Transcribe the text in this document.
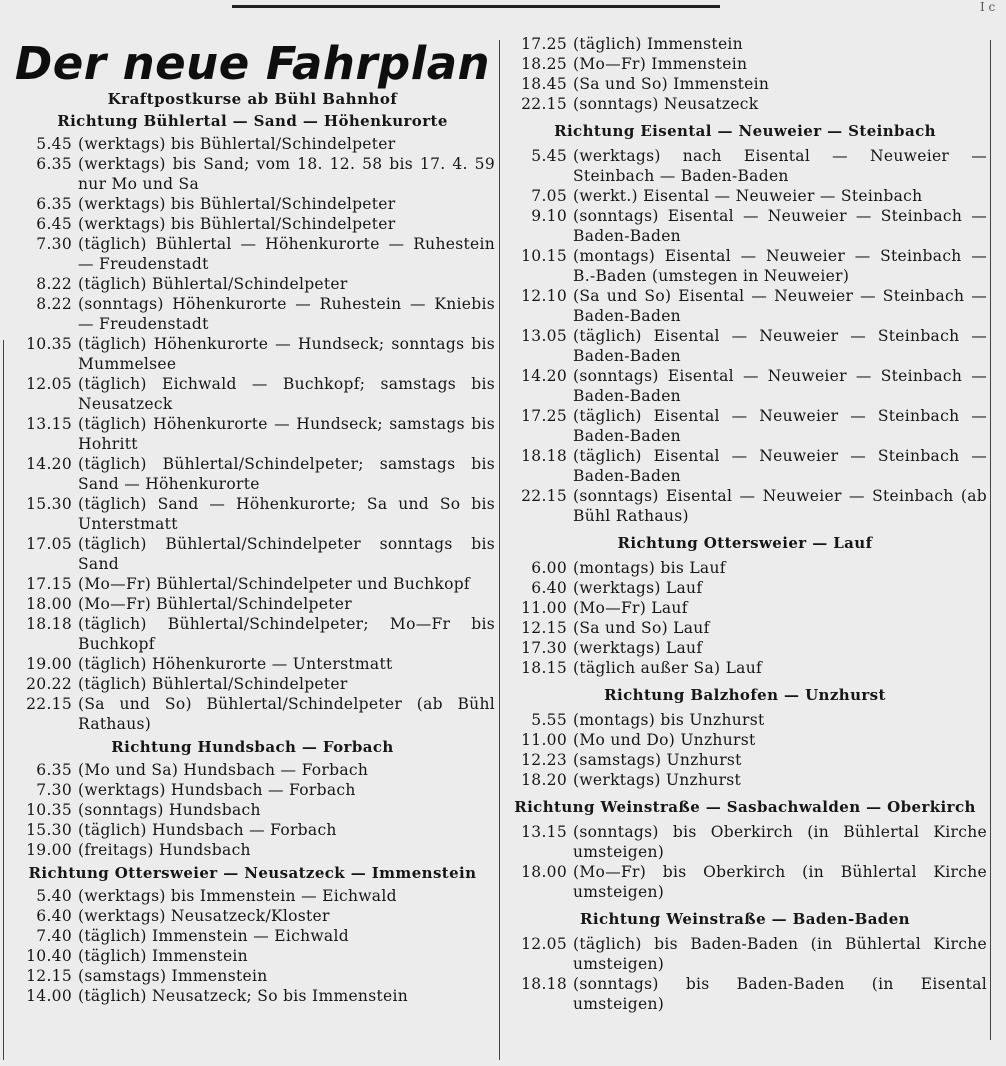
I c
Der neue Fahrplan
Kraftpostkurse ab Bühl Bahnhof
Richtung Bühlertal — Sand — Höhenkurorte
5.45 (werktags) bis Bühlertal/Schindelpeter
6.35 (werktags) bis Sand; vom 18. 12. 58 bis 17. 4. 59 nur Mo und Sa
6.35 (werktags) bis Bühlertal/Schindelpeter
6.45 (werktags) bis Bühlertal/Schindelpeter
7.30 (täglich) Bühlertal — Höhenkurorte — Ruhestein — Freudenstadt
8.22 (täglich) Bühlertal/Schindelpeter
8.22 (sonntags) Höhenkurorte — Ruhestein — Kniebis — Freudenstadt
10.35 (täglich) Höhenkurorte — Hundseck; sonntags bis Mummelsee
12.05 (täglich) Eichwald — Buchkopf; samstags bis Neusatzeck
13.15 (täglich) Höhenkurorte — Hundseck; samstags bis Hohritt
14.20 (täglich) Bühlertal/Schindelpeter; samstags bis Sand — Höhenkurorte
15.30 (täglich) Sand — Höhenkurorte; Sa und So bis Unterstmatt
17.05 (täglich) Bühlertal/Schindelpeter sonntags bis Sand
17.15 (Mo—Fr) Bühlertal/Schindelpeter und Buchkopf
18.00 (Mo—Fr) Bühlertal/Schindelpeter
18.18 (täglich) Bühlertal/Schindelpeter; Mo—Fr bis Buchkopf
19.00 (täglich) Höhenkurorte — Unterstmatt
20.22 (täglich) Bühlertal/Schindelpeter
22.15 (Sa und So) Bühlertal/Schindelpeter (ab Bühl Rathaus)
Richtung Hundsbach — Forbach
6.35 (Mo und Sa) Hundsbach — Forbach
7.30 (werktags) Hundsbach — Forbach
10.35 (sonntags) Hundsbach
15.30 (täglich) Hundsbach — Forbach
19.00 (freitags) Hundsbach
Richtung Ottersweier — Neusatzeck — Immenstein
5.40 (werktags) bis Immenstein — Eichwald
6.40 (werktags) Neusatzeck/Kloster
7.40 (täglich) Immenstein — Eichwald
10.40 (täglich) Immenstein
12.15 (samstags) Immenstein
14.00 (täglich) Neusatzeck; So bis Immenstein
17.25 (täglich) Immenstein
18.25 (Mo—Fr) Immenstein
18.45 (Sa und So) Immenstein
22.15 (sonntags) Neusatzeck
Richtung Eisental — Neuweier — Steinbach
5.45 (werktags) nach Eisental — Neuweier — Steinbach — Baden-Baden
7.05 (werkt.) Eisental — Neuweier — Steinbach
9.10 (sonntags) Eisental — Neuweier — Steinbach — Baden-Baden
10.15 (montags) Eisental — Neuweier — Steinbach — B.-Baden (umstegen in Neuweier)
12.10 (Sa und So) Eisental — Neuweier — Steinbach — Baden-Baden
13.05 (täglich) Eisental — Neuweier — Steinbach — Baden-Baden
14.20 (sonntags) Eisental — Neuweier — Steinbach — Baden-Baden
17.25 (täglich) Eisental — Neuweier — Steinbach — Baden-Baden
18.18 (täglich) Eisental — Neuweier — Steinbach — Baden-Baden
22.15 (sonntags) Eisental — Neuweier — Steinbach (ab Bühl Rathaus)
Richtung Ottersweier — Lauf
6.00 (montags) bis Lauf
6.40 (werktags) Lauf
11.00 (Mo—Fr) Lauf
12.15 (Sa und So) Lauf
17.30 (werktags) Lauf
18.15 (täglich außer Sa) Lauf
Richtung Balzhofen — Unzhurst
5.55 (montags) bis Unzhurst
11.00 (Mo und Do) Unzhurst
12.23 (samstags) Unzhurst
18.20 (werktags) Unzhurst
Richtung Weinstraße — Sasbachwalden — Oberkirch
13.15 (sonntags) bis Oberkirch (in Bühlertal Kirche umsteigen)
18.00 (Mo—Fr) bis Oberkirch (in Bühlertal Kirche umsteigen)
Richtung Weinstraße — Baden-Baden
12.05 (täglich) bis Baden-Baden (in Bühlertal Kirche umsteigen)
18.18 (sonntags) bis Baden-Baden (in Eisental umsteigen)
